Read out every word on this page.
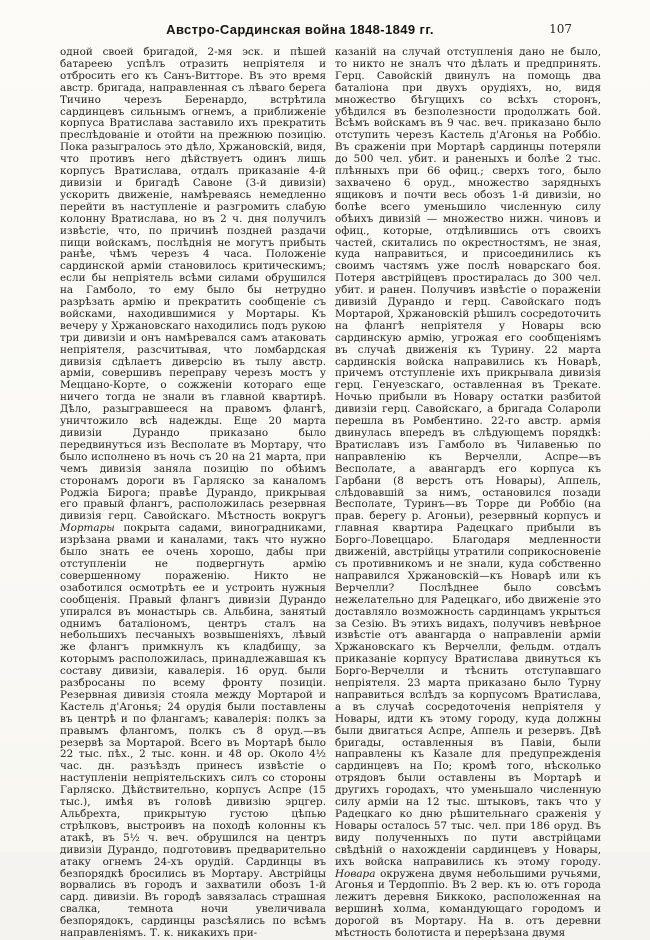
Австро-Сардинская война 1848-1849 гг.	107
одной своей бригадой, 2-мя эск. и пѣшей батареею успѣлъ отразить непріятеля и отбросить его къ Санъ-Витторе. Въ это время австр. бригада, направленная съ лѣваго берега Тичино черезъ Беренардо, встрѣтила сардинцевъ сильнымъ огнемъ, а приближеніе корпуса Вратислава заставило ихъ прекратить преслѣдованіе и отойти на прежнюю позицію. Пока разыгралось это дѣло, Хржановскій, видя, что противъ него дѣйствуетъ одинъ лишь корпусъ Вратислава, отдалъ приказаніе 4-й дивизіи и бригадѣ Савоне (3-й дивизіи) ускорить движеніе, намѣреваясь немедленно перейти въ наступленіе и разгромить слабую колонну Вратислава, но въ 2 ч. дня получилъ извѣстіе, что, по причинѣ поздней раздачи пищи войскамъ, послѣднія не могутъ прибыть ранѣе, чѣмъ черезъ 4 часа. Положеніе сардинской арміи становилось критическимъ; если бы непріятель всѣми силами обрушился на Гамболо, то ему было бы нетрудно разрѣзать армію и прекратить сообщеніе съ войсками, находившимися у Мортары. Къ вечеру у Хржановскаго находились подъ рукою три дивизіи и онъ намѣревался самъ атаковать непріятеля, разсчитывая, что ломбардская дивизія сдѣлаетъ диверсію въ тылу австр. арміи, совершивъ переправу черезъ мостъ у Меццано-Корте, о сожженіи котораго еще ничего тогда не знали въ главной квартирѣ. Дѣло, разыгравшееся на правомъ флангѣ, уничтожило всѣ надежды. Еще 20 марта дивизіи Дурандо приказано было передвинуться изъ Весполате въ Мортару, что было исполнено въ ночь съ 20 на 21 марта, при чемъ дивизія заняла позицію по обѣимъ сторонамъ дороги въ Гарляско за каналомъ Роджіа Бирога; правѣе Дурандо, прикрывая его правый флангъ, расположилась резервная дивизія герц. Савойскаго. Мѣстность вокругъ Мортары покрыта садами, виноградниками, изрѣзана рвами и каналами, такъ что нужно было знать ее очень хорошо, дабы при отступленіи не подвергнуть армію совершенному пораженію. Никто не озаботился осмотрѣть ее и устроить нужныя сообщенія. Правый флангъ дивизіи Дурандо упирался въ монастырь св. Альбина, занятый однимъ баталіономъ, центръ сталъ на небольшихъ песчаныхъ возвышеніяхъ, лѣвый же флангъ примкнулъ къ кладбищу, за которымъ расположилась, принадлежавшая къ составу дивизіи, кавалерія. 16 оруд. были разбросаны по всему фронту позиціи. Резервная дивизія стояла между Мортарой и Кастель д'Агонья; 24 орудія были поставлены въ центрѣ и по флангамъ; кавалерія: полкъ за правымъ флангомъ, полкъ съ 8 оруд.—въ резервѣ за Мортарой. Всего въ Мортарѣ было 22 тыс. пѣх., 2 тыс. конн. и 48 ор. Около 4½ час. дн. разъѣздъ принесъ извѣстіе о наступленіи непріятельскихъ силъ со стороны Гарляско. Дѣйствительно, корпусъ Аспре (15 тыс.), имѣя въ головѣ дивизію эрцгер. Альбрехта, прикрытую густою цѣпью стрѣлковъ, выстроивъ на походѣ колонны къ атакѣ, въ 5½ ч. веч. обрушился на центръ дивизіи Дурандо, подготовивъ предварительно атаку огнемъ 24-хъ орудій. Сардинцы въ безпорядкѣ бросились въ Мортару. Австрійцы ворвались въ городъ и захватили обозъ 1-й сард. дивизіи. Въ городѣ завязалась страшная свалка, темнота ночи увеличивала безпорядокъ, сардинцы разсѣялись по всѣмъ направленіямъ. Т. к. никакихъ при-
казаній на случай отступленія дано не было, то никто не зналъ что дѣлать и предпринять. Герц. Савойскій двинулъ на помощь два баталіона при двухъ орудіяхъ, но, видя множество бѣгущихъ со всѣхъ сторонъ, убѣдился въ безполезности продолжать бой. Всѣмъ войскамъ въ 9 час. веч. приказано было отступить черезъ Кастель д'Агонья на Роббіо. Въ сраженіи при Мортарѣ сардинцы потеряли до 500 чел. убит. и раненыхъ и болѣе 2 тыс. плѣнныхъ при 66 офиц.; сверхъ того, было захвачено 6 оруд., множество зарядныхъ ящиковъ и почти весь обозъ 1-й дивизіи, но болѣе всего уменьшило численную силу обѣихъ дивизій — множество нижн. чиновъ и офиц., которые, отдѣлившись отъ своихъ частей, скитались по окрестностямъ, не зная, куда направиться, и присоединились къ своимъ частямъ уже послѣ новарскаго боя. Потеря австрійцевъ простиралась до 300 чел. убит. и ранен. Получивъ извѣстіе о пораженіи дивизій Дурандо и герц. Савойскаго подъ Мортарой, Хржановскій рѣшилъ сосредоточить на флангѣ непріятеля у Новары всю сардинскую армію, угрожая его сообщеніямъ въ случаѣ движенія къ Турину. 22 марта сардинскія войска направились къ Новарѣ, причемъ отступленіе ихъ прикрывала дивизія герц. Генуезскаго, оставленная въ Трекате. Ночью прибыли въ Новару остатки разбитой дивизіи герц. Савойскаго, а бригада Солароли перешла въ Ромбентино. 22-го австр. армія двинулась впередъ въ слѣдующемъ порядкѣ: Вратиславъ изъ Гамболо въ Чилавенью по направленію къ Верчелли, Аспре—въ Весполате, а авангардъ его корпуса къ Гарбани (8 верстъ отъ Новары), Аппель, слѣдовавшій за нимъ, остановился позади Весполате, Туринъ—въ Торре ди Роббіо (на прав. берегу р. Агоньи), резервный корпусъ и главная квартира Радецкаго прибыли въ Борго-Ловеццаро. Благодаря медленности движеній, австрійцы утратили соприкосновеніе съ противникомъ и не знали, куда собственно направился Хржановскій—къ Новарѣ или къ Верчелли? Послѣднее было совсѣмъ нежелательно для Радецкаго, ибо движеніе это доставляло возможность сардинцамъ укрыться за Сезію. Въ этихъ видахъ, получивъ невѣрное извѣстіе отъ авангарда о направленіи арміи Хржановскаго къ Верчелли, фельдм. отдалъ приказаніе корпусу Вратислава двинуться къ Борго-Верчелли и тѣснить отступавшаго непріятеля. 23 марта приказано было Турну направиться вслѣдъ за корпусомъ Вратислава, а въ случаѣ сосредоточенія непріятеля у Новары, идти къ этому городу, куда должны были двигаться Аспре, Аппель и резервъ. Двѣ бригады, оставленныя въ Павіи, были направлены къ Казале для предупрежденія сардинцевъ на По; кромѣ того, нѣсколько отрядовъ были оставлены въ Мортарѣ и другихъ городахъ, что уменьшало численную силу арміи на 12 тыс. штыковъ, такъ что у Радецкаго ко дню рѣшительнаго сраженія у Новары осталось 57 тыс. чел. при 186 оруд. Въ виду полученныхъ по пути австрійцами свѣдѣній о нахожденіи сардинцевъ у Новары, ихъ войска направились къ этому городу. Новара окружена двумя небольшими ручьями, Агонья и Тердоппіо. Въ 2 вер. къ ю. отъ города лежитъ деревня Биккоко, расположенная на вершинѣ холма, командующаго городомъ и дорогой въ Мортару. На в. отъ деревни мѣстность болотиста и перерѣзана двумя
